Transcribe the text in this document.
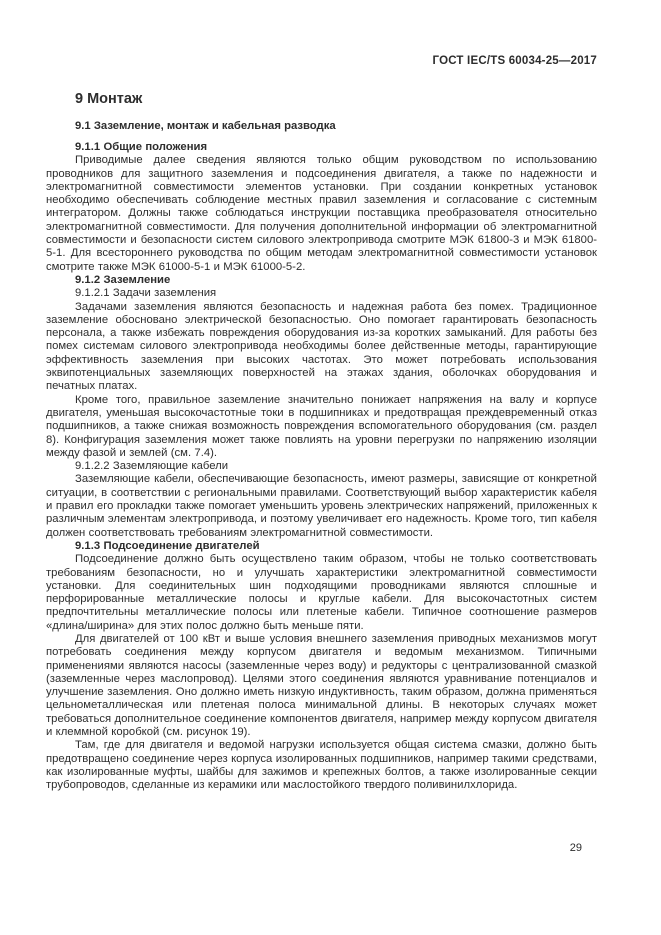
ГОСТ IEC/TS 60034-25—2017
9 Монтаж
9.1 Заземление, монтаж и кабельная разводка

9.1.1 Общие положения

Приводимые далее сведения являются только общим руководством по использованию проводников для защитного заземления и подсоединения двигателя, а также по надежности и электромагнитной совместимости элементов установки. При создании конкретных установок необходимо обеспечивать соблюдение местных правил заземления и согласование с системным интегратором. Должны также соблюдаться инструкции поставщика преобразователя относительно электромагнитной совместимости. Для получения дополнительной информации об электромагнитной совместимости и безопасности систем силового электропривода смотрите МЭК 61800-3 и МЭК 61800-5-1. Для всестороннего руководства по общим методам электромагнитной совместимости установок смотрите также МЭК 61000-5-1 и МЭК 61000-5-2.

9.1.2 Заземление

9.1.2.1 Задачи заземления

Задачами заземления являются безопасность и надежная работа без помех. Традиционное заземление обосновано электрической безопасностью. Оно помогает гарантировать безопасность персонала, а также избежать повреждения оборудования из-за коротких замыканий. Для работы без помех системам силового электропривода необходимы более действенные методы, гарантирующие эффективность заземления при высоких частотах. Это может потребовать использования эквипотенциальных заземляющих поверхностей на этажах здания, оболочках оборудования и печатных платах.

Кроме того, правильное заземление значительно понижает напряжения на валу и корпусе двигателя, уменьшая высокочастотные токи в подшипниках и предотвращая преждевременный отказ подшипников, а также снижая возможность повреждения вспомогательного оборудования (см. раздел 8). Конфигурация заземления может также повлиять на уровни перегрузки по напряжению изоляции между фазой и землей (см. 7.4).

9.1.2.2 Заземляющие кабели

Заземляющие кабели, обеспечивающие безопасность, имеют размеры, зависящие от конкретной ситуации, в соответствии с региональными правилами. Соответствующий выбор характеристик кабеля и правил его прокладки также помогает уменьшить уровень электрических напряжений, приложенных к различным элементам электропривода, и поэтому увеличивает его надежность. Кроме того, тип кабеля должен соответствовать требованиям электромагнитной совместимости.

9.1.3 Подсоединение двигателей

Подсоединение должно быть осуществлено таким образом, чтобы не только соответствовать требованиям безопасности, но и улучшать характеристики электромагнитной совместимости установки. Для соединительных шин подходящими проводниками являются сплошные и перфорированные металлические полосы и круглые кабели. Для высокочастотных систем предпочтительны металлические полосы или плетеные кабели. Типичное соотношение размеров «длина/ширина» для этих полос должно быть меньше пяти.

Для двигателей от 100 кВт и выше условия внешнего заземления приводных механизмов могут потребовать соединения между корпусом двигателя и ведомым механизмом. Типичными применениями являются насосы (заземленные через воду) и редукторы с централизованной смазкой (заземленные через маслопровод). Целями этого соединения являются уравнивание потенциалов и улучшение заземления. Оно должно иметь низкую индуктивность, таким образом, должна применяться цельнометаллическая или плетеная полоса минимальной длины. В некоторых случаях может требоваться дополнительное соединение компонентов двигателя, например между корпусом двигателя и клеммной коробкой (см. рисунок 19).

Там, где для двигателя и ведомой нагрузки используется общая система смазки, должно быть предотвращено соединение через корпуса изолированных подшипников, например такими средствами, как изолированные муфты, шайбы для зажимов и крепежных болтов, а также изолированные секции трубопроводов, сделанные из керамики или маслостойкого твердого поливинилхлорида.

29
